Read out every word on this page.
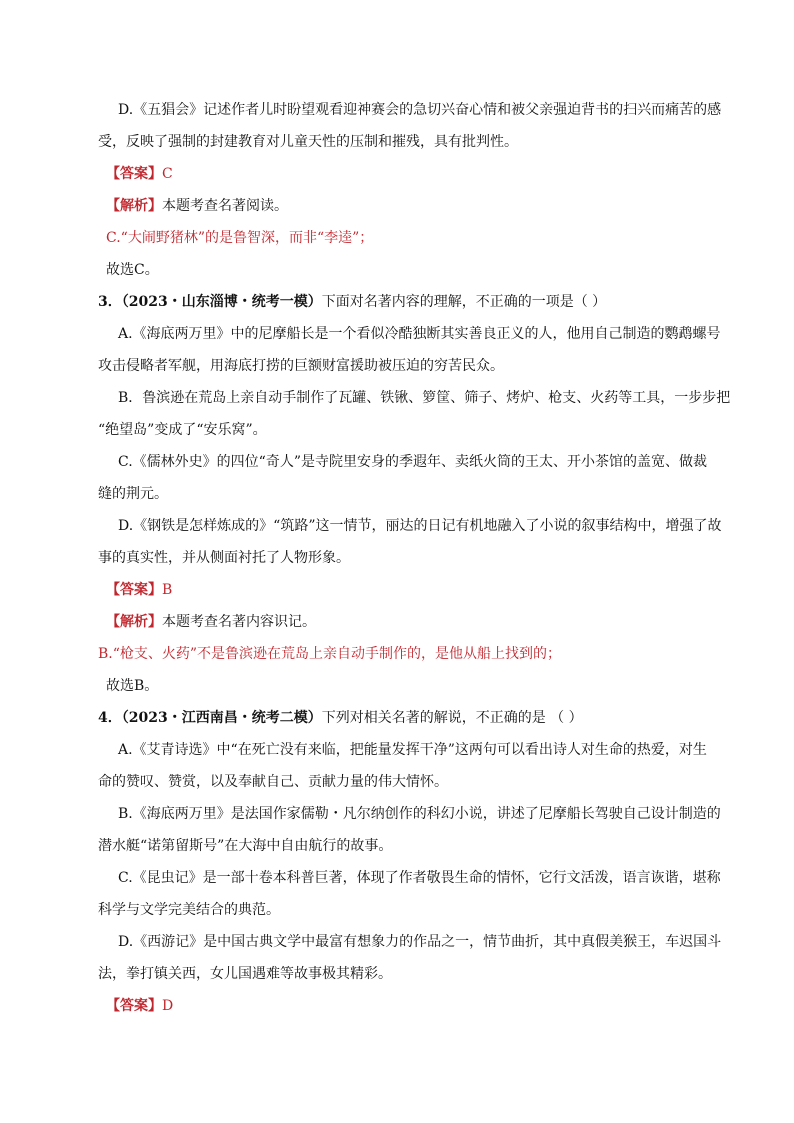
D.《五猖会》记述作者儿时盼望观看迎神赛会的急切兴奋心情和被父亲强迫背书的扫兴而痛苦的感
受，反映了强制的封建教育对儿童天性的压制和摧残，具有批判性。
【答案】C
【解析】本题考查名著阅读。
C.“大闹野猪林”的是鲁智深，而非“李逵”；
故选C。
3．（2023・山东淄博・统考一模）下面对名著内容的理解，不正确的一项是（ ）
A.《海底两万里》中的尼摩船长是一个看似冷酷独断其实善良正义的人，他用自己制造的鹦鹉螺号
攻击侵略者军舰，用海底打捞的巨额财富援助被压迫的穷苦民众。
B．鲁滨逊在荒岛上亲自动手制作了瓦罐、铁锹、箩筐、筛子、烤炉、枪支、火药等工具，一步步把
“绝望岛”变成了“安乐窝”。
C.《儒林外史》的四位“奇人”是寺院里安身的季遐年、卖纸火筒的王太、开小茶馆的盖宽、做裁
缝的荆元。
D.《钢铁是怎样炼成的》“筑路”这一情节，丽达的日记有机地融入了小说的叙事结构中，增强了故
事的真实性，并从侧面衬托了人物形象。
【答案】B
【解析】本题考查名著内容识记。
B.“枪支、火药”不是鲁滨逊在荒岛上亲自动手制作的，是他从船上找到的；
故选B。
4．（2023・江西南昌・统考二模）下列对相关名著的解说，不正确的是 （ ）
A.《艾青诗选》中“在死亡没有来临，把能量发挥干净”这两句可以看出诗人对生命的热爱，对生
命的赞叹、赞赏，以及奉献自己、贡献力量的伟大情怀。
B.《海底两万里》是法国作家儒勒・凡尔纳创作的科幻小说，讲述了尼摩船长驾驶自己设计制造的
潜水艇“诺第留斯号”在大海中自由航行的故事。
C.《昆虫记》是一部十卷本科普巨著，体现了作者敬畏生命的情怀，它行文活泼，语言诙谐，堪称
科学与文学完美结合的典范。
D.《西游记》是中国古典文学中最富有想象力的作品之一，情节曲折，其中真假美猴王，车迟国斗
法，拳打镇关西，女儿国遇难等故事极其精彩。
【答案】D
